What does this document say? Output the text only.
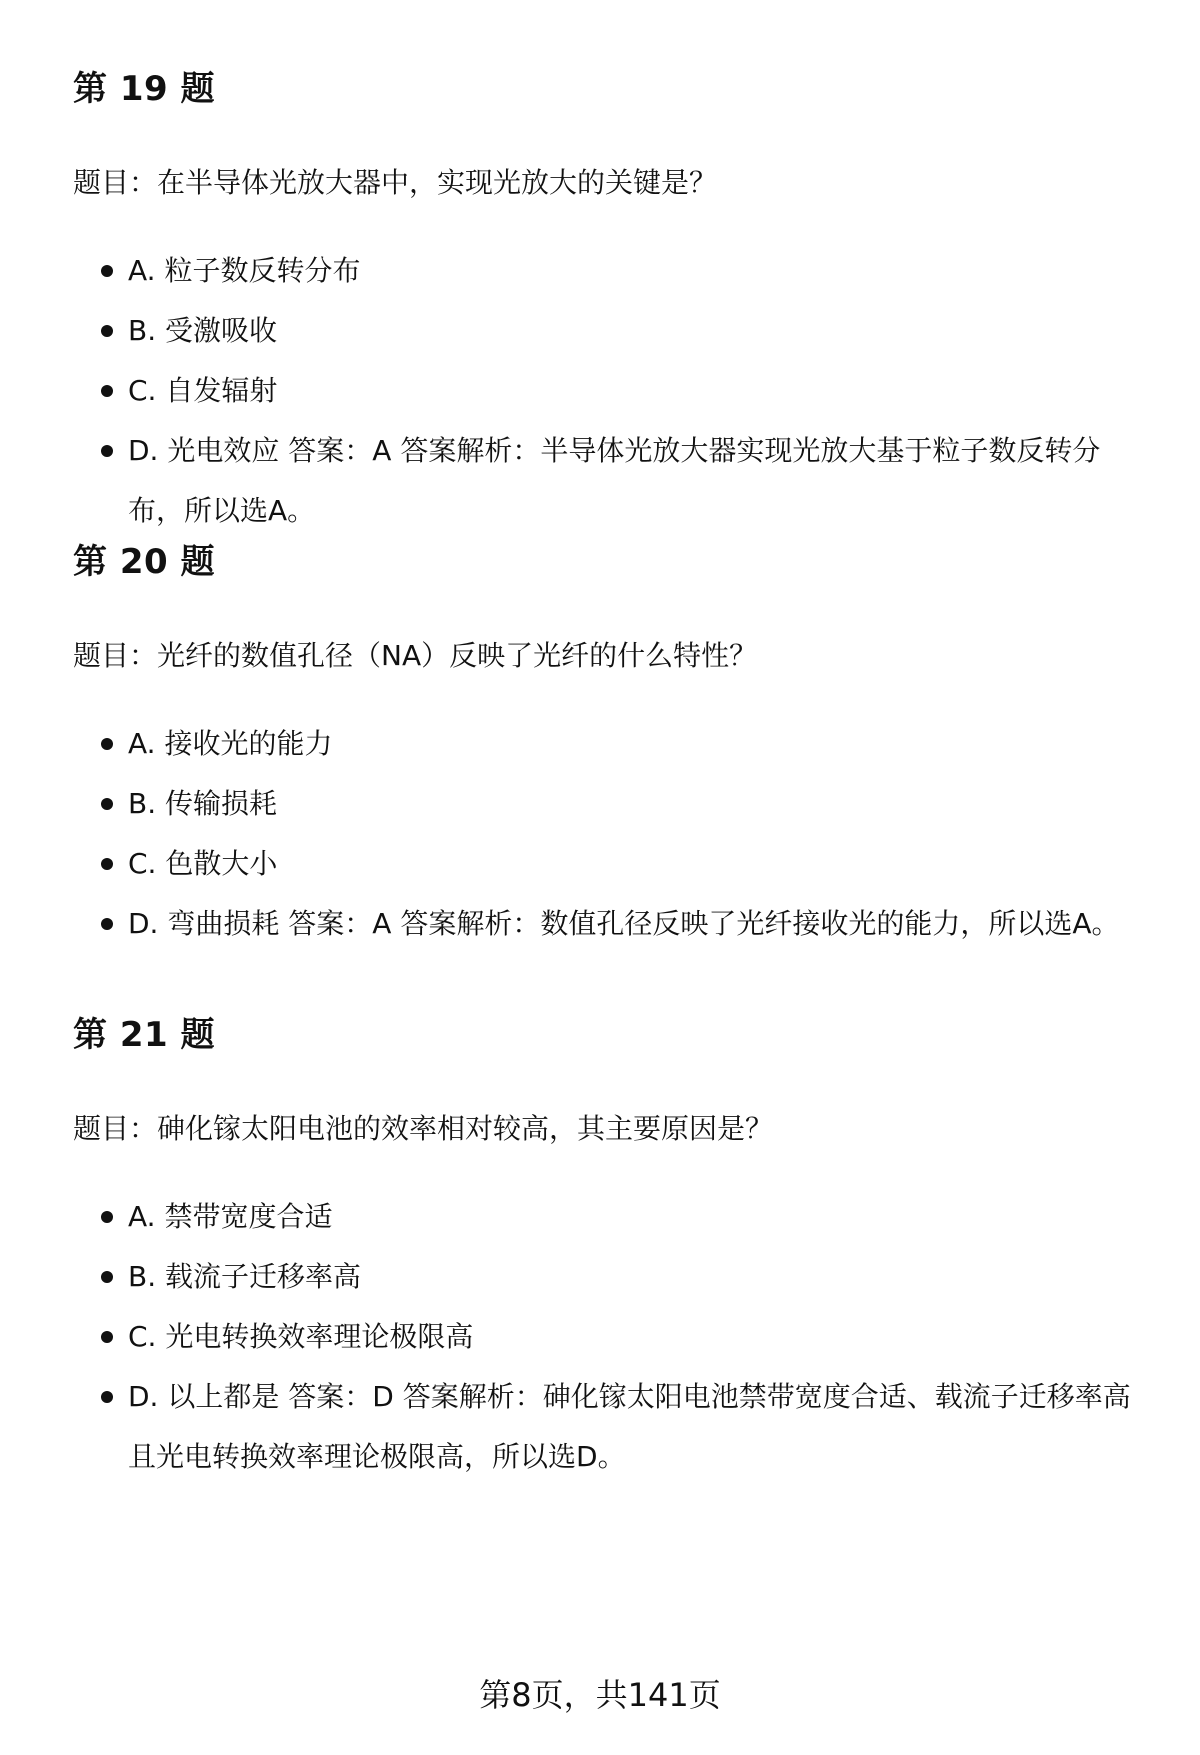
第 19 题

题目：在半导体光放大器中，实现光放大的关键是？

A. 粒子数反转分布
B. 受激吸收
C. 自发辐射
D. 光电效应 答案：A 答案解析：半导体光放大器实现光放大基于粒子数反转分布，所以选A。
第 20 题

题目：光纤的数值孔径（NA）反映了光纤的什么特性？

A. 接收光的能力
B. 传输损耗
C. 色散大小
D. 弯曲损耗 答案：A 答案解析：数值孔径反映了光纤接收光的能力，所以选A。
第 21 题

题目：砷化镓太阳电池的效率相对较高，其主要原因是？

A. 禁带宽度合适
B. 载流子迁移率高
C. 光电转换效率理论极限高
D. 以上都是 答案：D 答案解析：砷化镓太阳电池禁带宽度合适、载流子迁移率高且光电转换效率理论极限高，所以选D。
第8页，共141页
